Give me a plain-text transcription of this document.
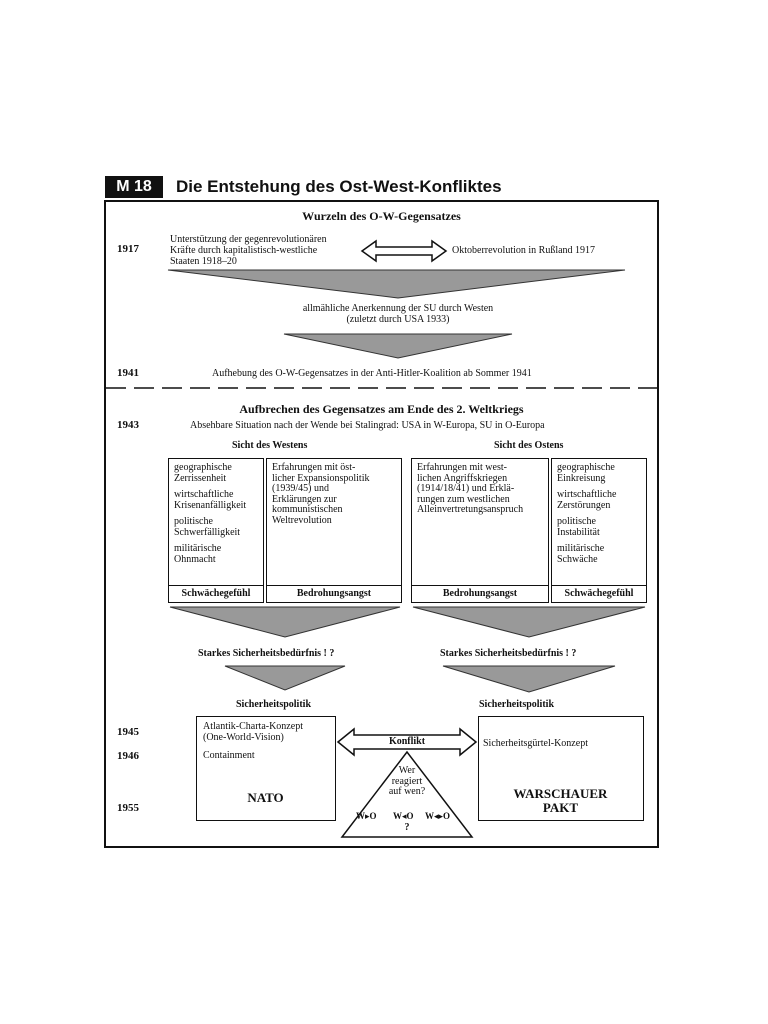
M 18	Die Entstehung des Ost-West-Konfliktes
Wurzeln des O-W-Gegensatzes
1917
Unterstützung der gegenrevolutionären
Kräfte durch kapitalistisch-westliche
Staaten 1918–20
Oktoberrevolution in Rußland 1917
allmähliche Anerkennung der SU durch Westen
(zuletzt durch USA 1933)
1941	Aufhebung des O-W-Gegensatzes in der Anti-Hitler-Koalition ab Sommer 1941
Aufbrechen des Gegensatzes am Ende des 2. Weltkriegs
1943	Absehbare Situation nach der Wende bei Stalingrad: USA in W-Europa, SU in O-Europa
Sicht des Westens	Sicht des Ostens

geographische Zerrissenheit

wirtschaftliche Krisenanfälligkeit

politische Schwerfälligkeit

militärische Ohnmacht

Schwächegefühl
Erfahrungen mit öst-
licher Expansionspolitik
(1939/45) und
Erklärungen zur
kommunistischen
Weltrevolution
Bedrohungsangst
Erfahrungen mit west-
lichen Angriffskriegen
(1914/18/41) und Erklä-
rungen zum westlichen
Alleinvertretungsanspruch
Bedrohungsangst

geographische Einkreisung

wirtschaftliche Zerstörungen

politische Instabilität

militärische Schwäche

Schwächegefühl
Starkes Sicherheitsbedürfnis ! ?	Starkes Sicherheitsbedürfnis ! ?
Sicherheitspolitik	Sicherheitspolitik
1945
1946
1955
Atlantik-Charta-Konzept
(One-World-Vision)
Containment
NATO
Sicherheitsgürtel-Konzept
WARSCHAUER
PAKT
Konflikt
Wer
reagiert
auf wen?
W▸O W◂O W◂▸O
?
